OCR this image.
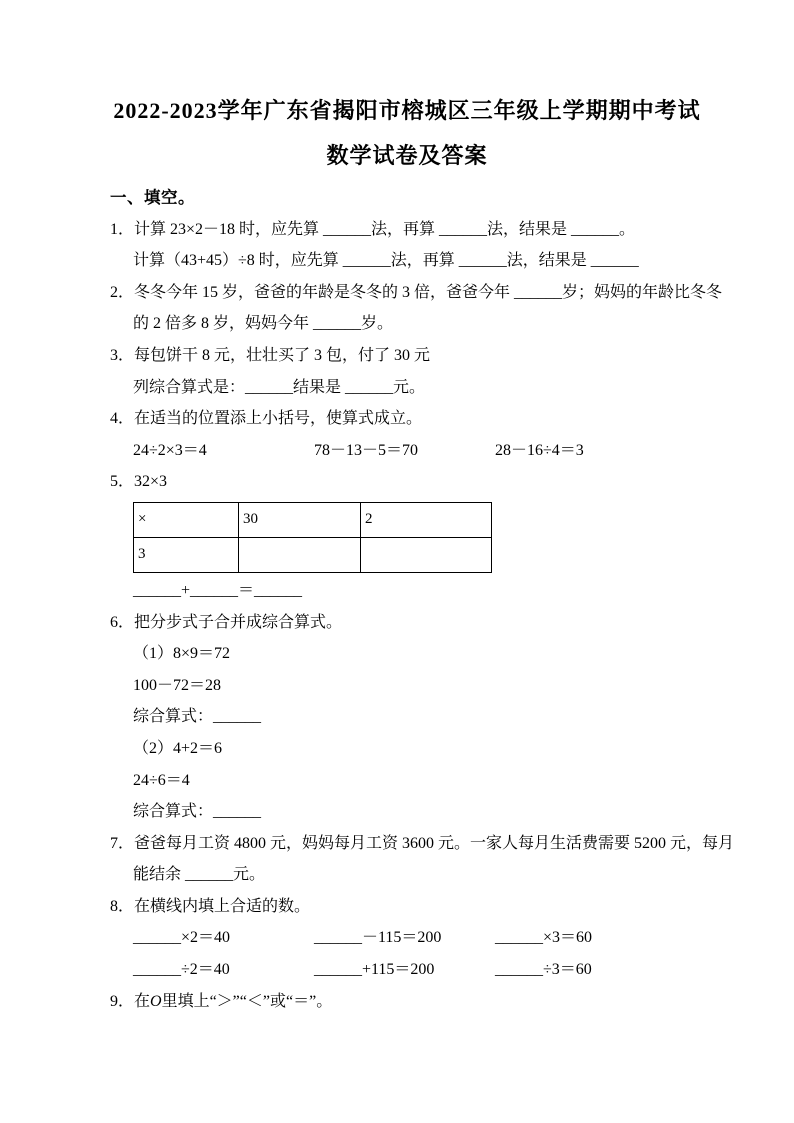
2022-2023学年广东省揭阳市榕城区三年级上学期期中考试
数学试卷及答案
一、填空。

1．计算 23×2－18 时，应先算 ______法，再算 ______法，结果是 ______。

计算（43+45）÷8 时，应先算 ______法，再算 ______法，结果是 ______

2．冬冬今年 15 岁，爸爸的年龄是冬冬的 3 倍，爸爸今年 ______岁；妈妈的年龄比冬冬

的 2 倍多 8 岁，妈妈今年 ______岁。

3．每包饼干 8 元，壮壮买了 3 包，付了 30 元

列综合算式是：______结果是 ______元。

4．在适当的位置添上小括号，使算式成立。

24÷2×3＝4	78－13－5＝70	28－16÷4＝3

5．32×3

×	30	2
3		

______+______＝______

6．把分步式子合并成综合算式。

（1）8×9＝72

100－72＝28

综合算式：______

（2）4+2＝6

24÷6＝4

综合算式：______

7．爸爸每月工资 4800 元，妈妈每月工资 3600 元。一家人每月生活费需要 5200 元，每月

能结余 ______元。

8．在横线内填上合适的数。

______×2＝40	______－115＝200	______×3＝60

______÷2＝40	______+115＝200	______÷3＝60

9．在O里填上“＞”“＜”或“＝”。
